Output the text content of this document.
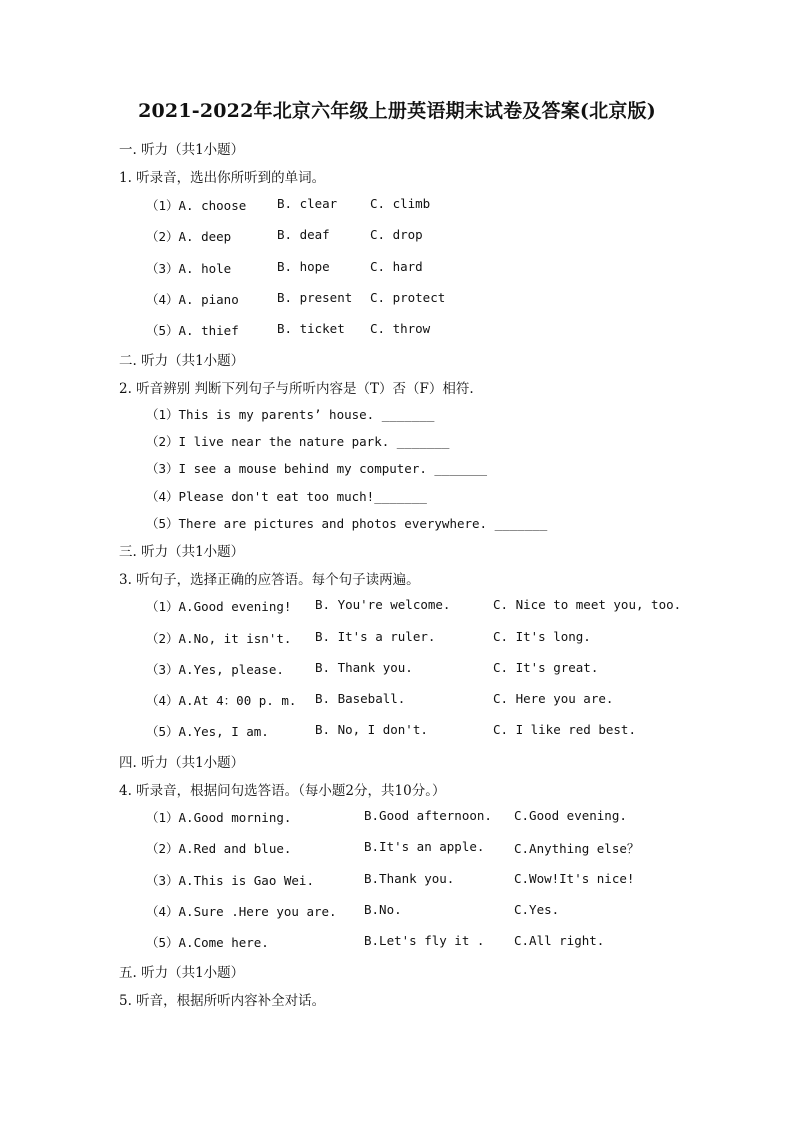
2021-2022年北京六年级上册英语期末试卷及答案(北京版)
一. 听力（共1小题）
1. 听录音，选出你所听到的单词。
（1）A. choose B. clear	C. climb
（2）A. deep	B. deaf	C. drop
（3）A. hole	B. hope	C. hard
（4）A. piano	B. present C. protect
（5）A. thief	B. ticket C. throw
二. 听力（共1小题）
2. 听音辨别 判断下列句子与所听内容是（T）否（F）相符.
（1）This is my parents’ house. _______
（2）I live near the nature park. _______
（3）I see a mouse behind my computer. _______
（4）Please don't eat too much!_______
（5）There are pictures and photos everywhere. _______
三. 听力（共1小题）
3. 听句子，选择正确的应答语。每个句子读两遍。
（1）A.Good evening! B. You're welcome.	C. Nice to meet you, too.
（2）A.No, it isn't. B. It's a ruler.	C. It's long.
（3）A.Yes, please. B. Thank you.	C. It's great.
（4）A.At 4：00 p. m. B. Baseball.	C. Here you are.
（5）A.Yes, I am.	B. No, I don't.	C. I like red best.
四. 听力（共1小题）
4. 听录音，根据问句选答语。（每小题2分，共10分。）
（1）A.Good morning.	B.Good afternoon. C.Good evening.
（2）A.Red and blue.	B.It's an apple. C.Anything else？
（3）A.This is Gao Wei.	B.Thank you.	C.Wow!It's nice!
（4）A.Sure .Here you are. B.No.	C.Yes.
（5）A.Come here.	B.Let's fly it . C.All right.
五. 听力（共1小题）
5. 听音，根据所听内容补全对话。
